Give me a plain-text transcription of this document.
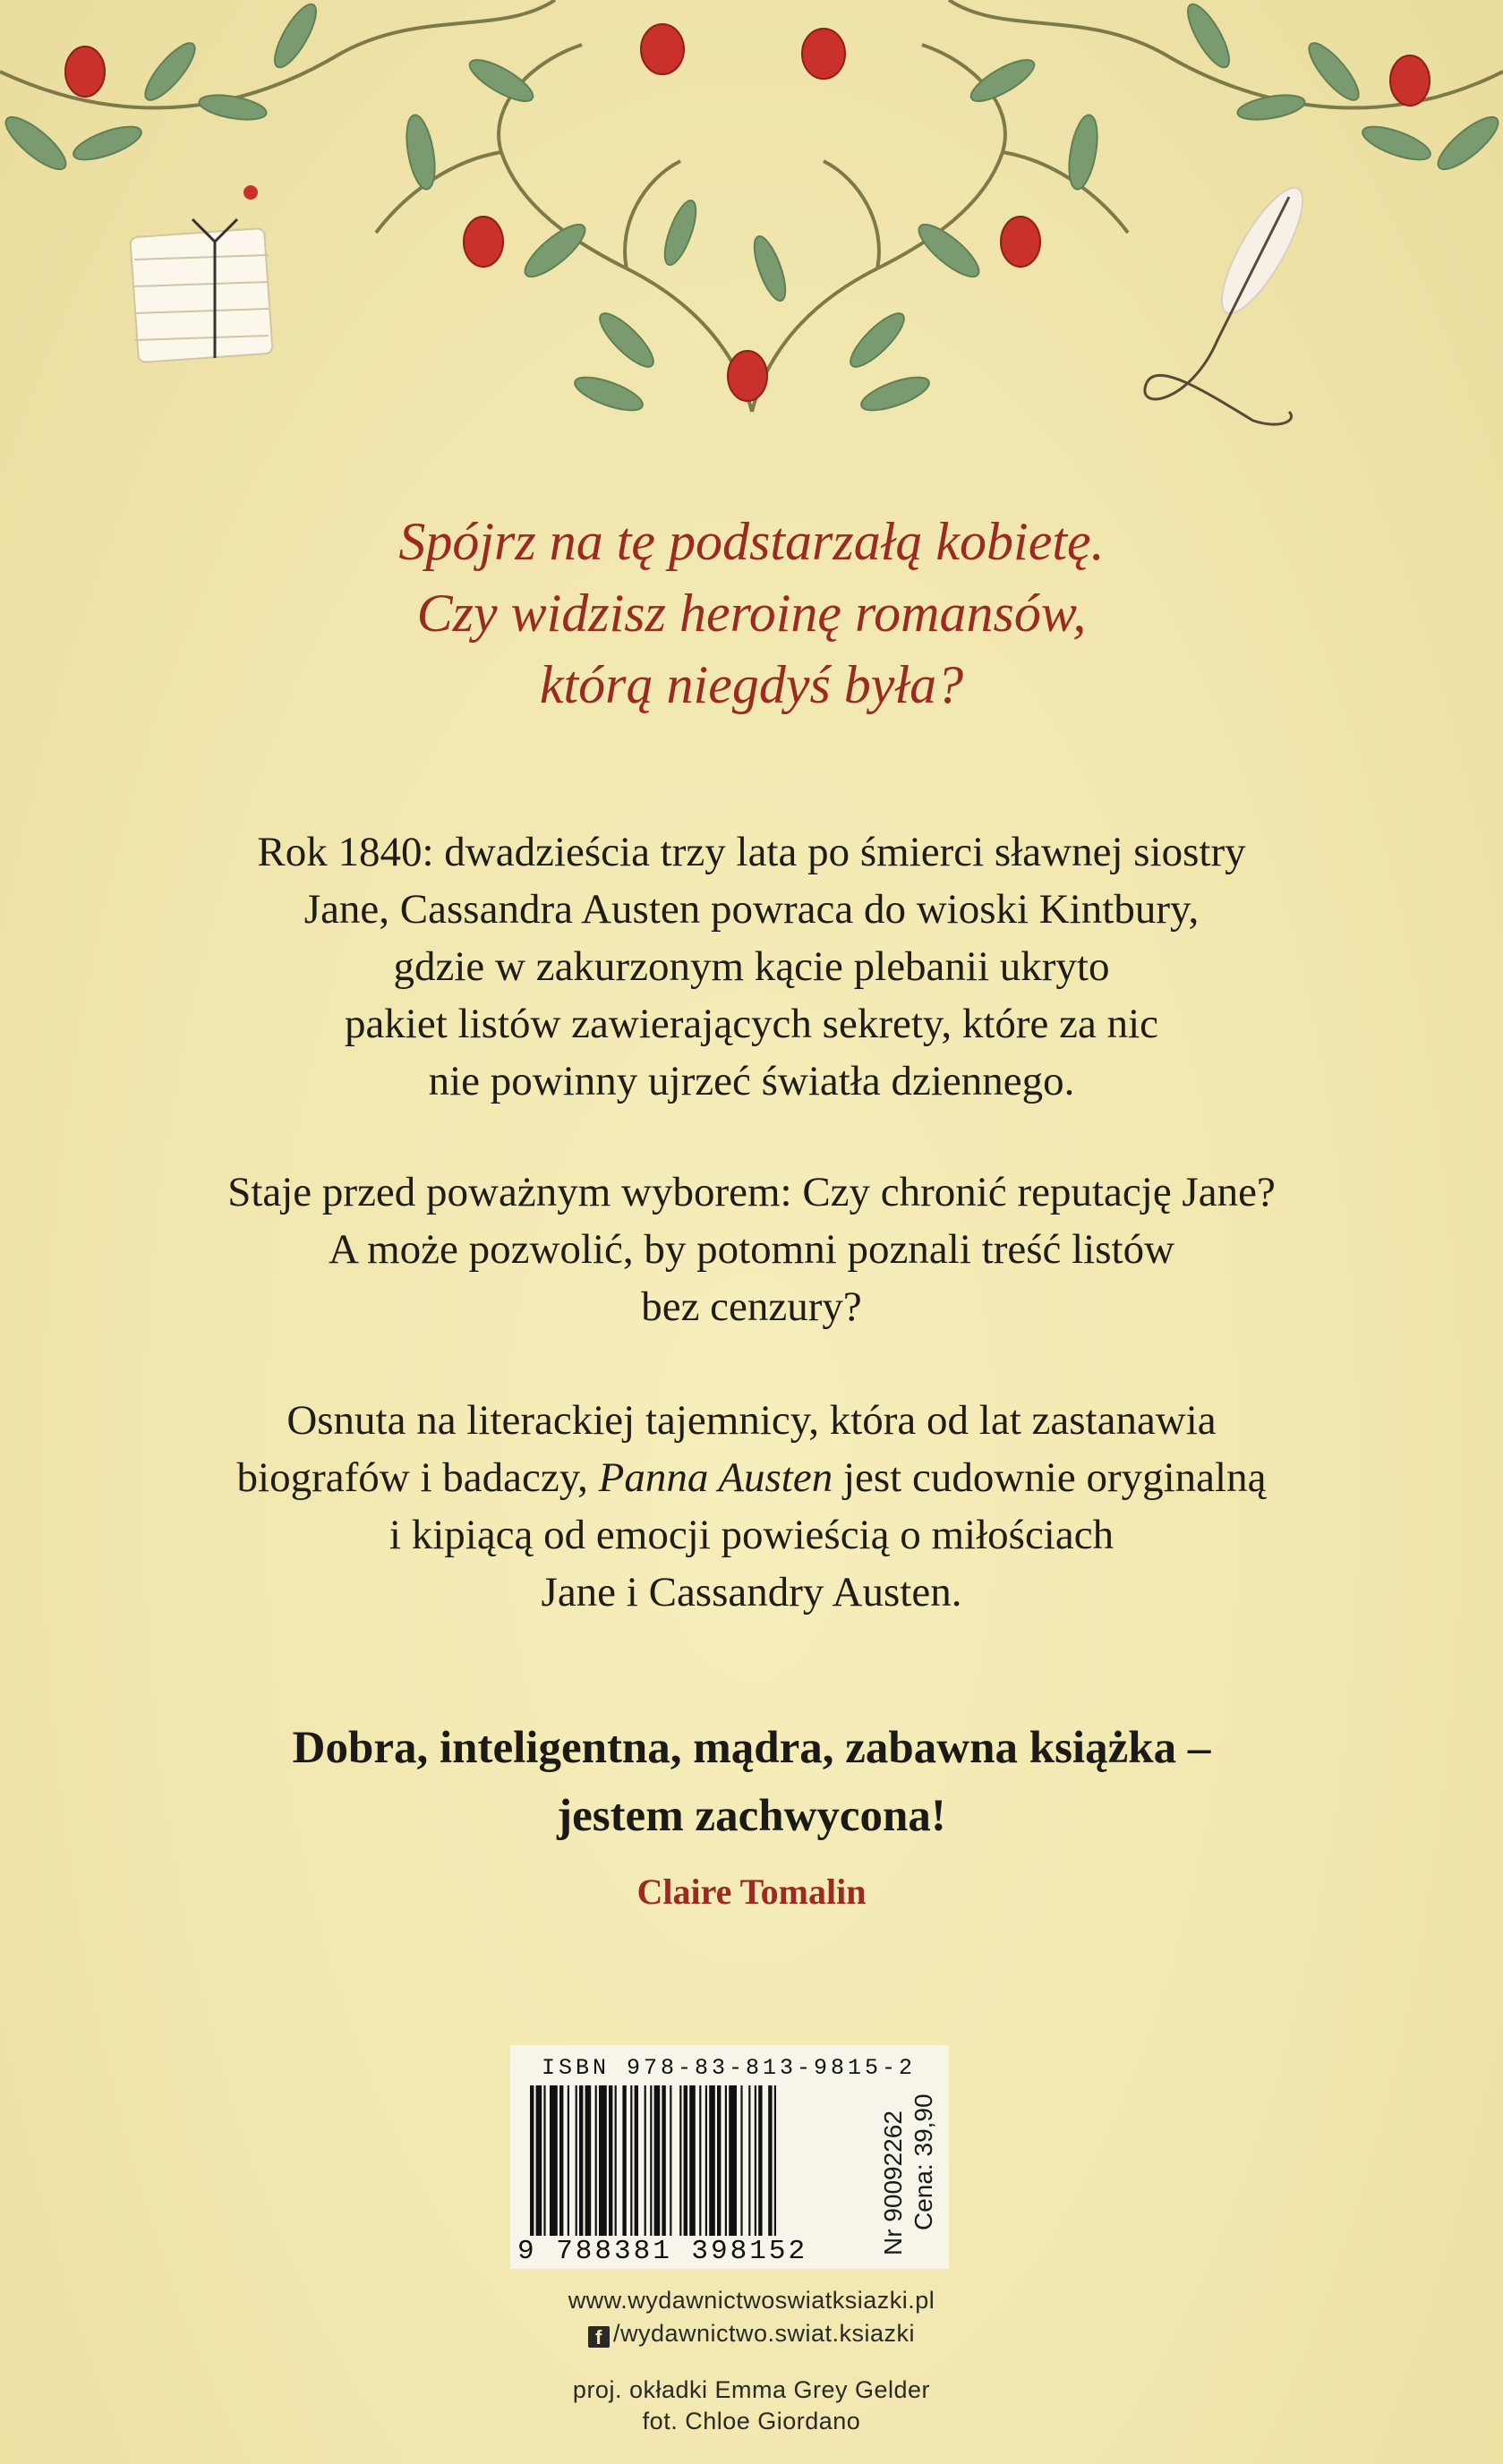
Spójrz na tę podstarzałą kobietę.
Czy widzisz heroinę romansów,
którą niegdyś była?
Rok 1840: dwadzieścia trzy lata po śmierci sławnej siostry
Jane, Cassandra Austen powraca do wioski Kintbury,
gdzie w zakurzonym kącie plebanii ukryto
pakiet listów zawierających sekrety, które za nic
nie powinny ujrzeć światła dziennego.
Staje przed poważnym wyborem: Czy chronić reputację Jane?
A może pozwolić, by potomni poznali treść listów
bez cenzury?
Osnuta na literackiej tajemnicy, która od lat zastanawia
biografów i badaczy, Panna Austen jest cudownie oryginalną
i kipiącą od emocji powieścią o miłościach
Jane i Cassandry Austen.
Dobra, inteligentna, mądra, zabawna książka –
jestem zachwycona!
Claire Tomalin
ISBN 978-83-813-9815-2
9 788381 398152	Nr 90092262 Cena: 39,90
www.wydawnictwoswiatksiazki.pl
f /wydawnictwo.swiat.ksiazki
proj. okładki Emma Grey Gelder
fot. Chloe Giordano
